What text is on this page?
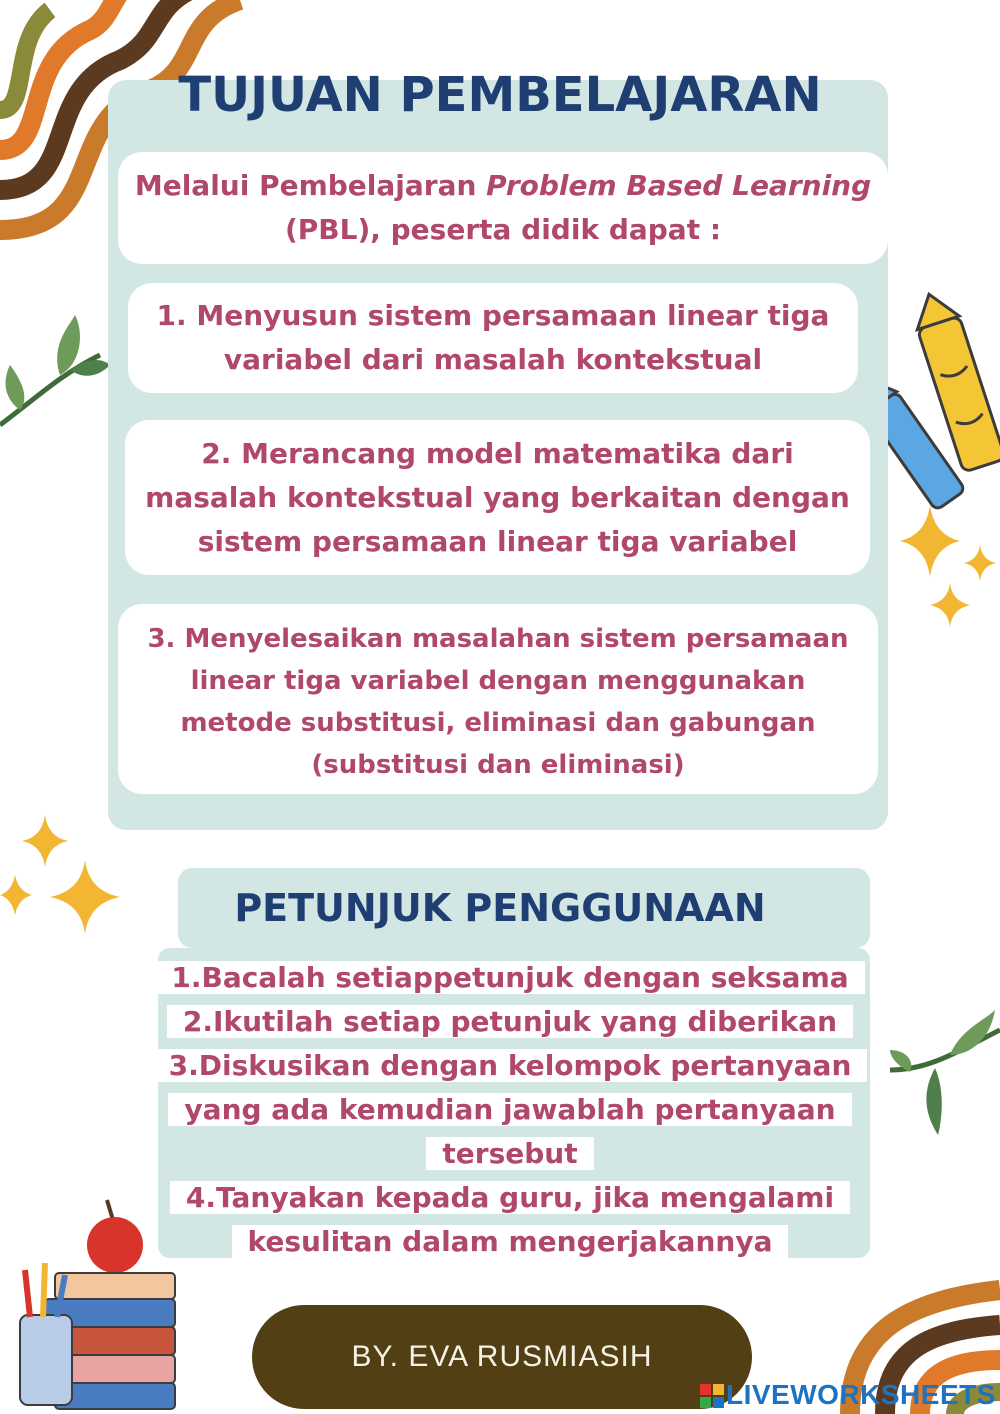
TUJUAN PEMBELAJARAN
Melalui Pembelajaran Problem Based Learning
(PBL), peserta didik dapat :
1. Menyusun sistem persamaan linear tiga
variabel dari masalah kontekstual
2. Merancang model matematika dari
masalah kontekstual yang berkaitan dengan
sistem persamaan linear tiga variabel
3. Menyelesaikan masalahan sistem persamaan
linear tiga variabel dengan menggunakan
metode substitusi, eliminasi dan gabungan
(substitusi dan eliminasi)
PETUNJUK PENGGUNAAN
1.Bacalah setiappetunjuk dengan seksama
2.Ikutilah setiap petunjuk yang diberikan
3.Diskusikan dengan kelompok pertanyaan
yang ada kemudian jawablah pertanyaan
tersebut
4.Tanyakan kepada guru, jika mengalami
kesulitan dalam mengerjakannya
BY. EVA RUSMIASIH
LIVEWORKSHEETS
